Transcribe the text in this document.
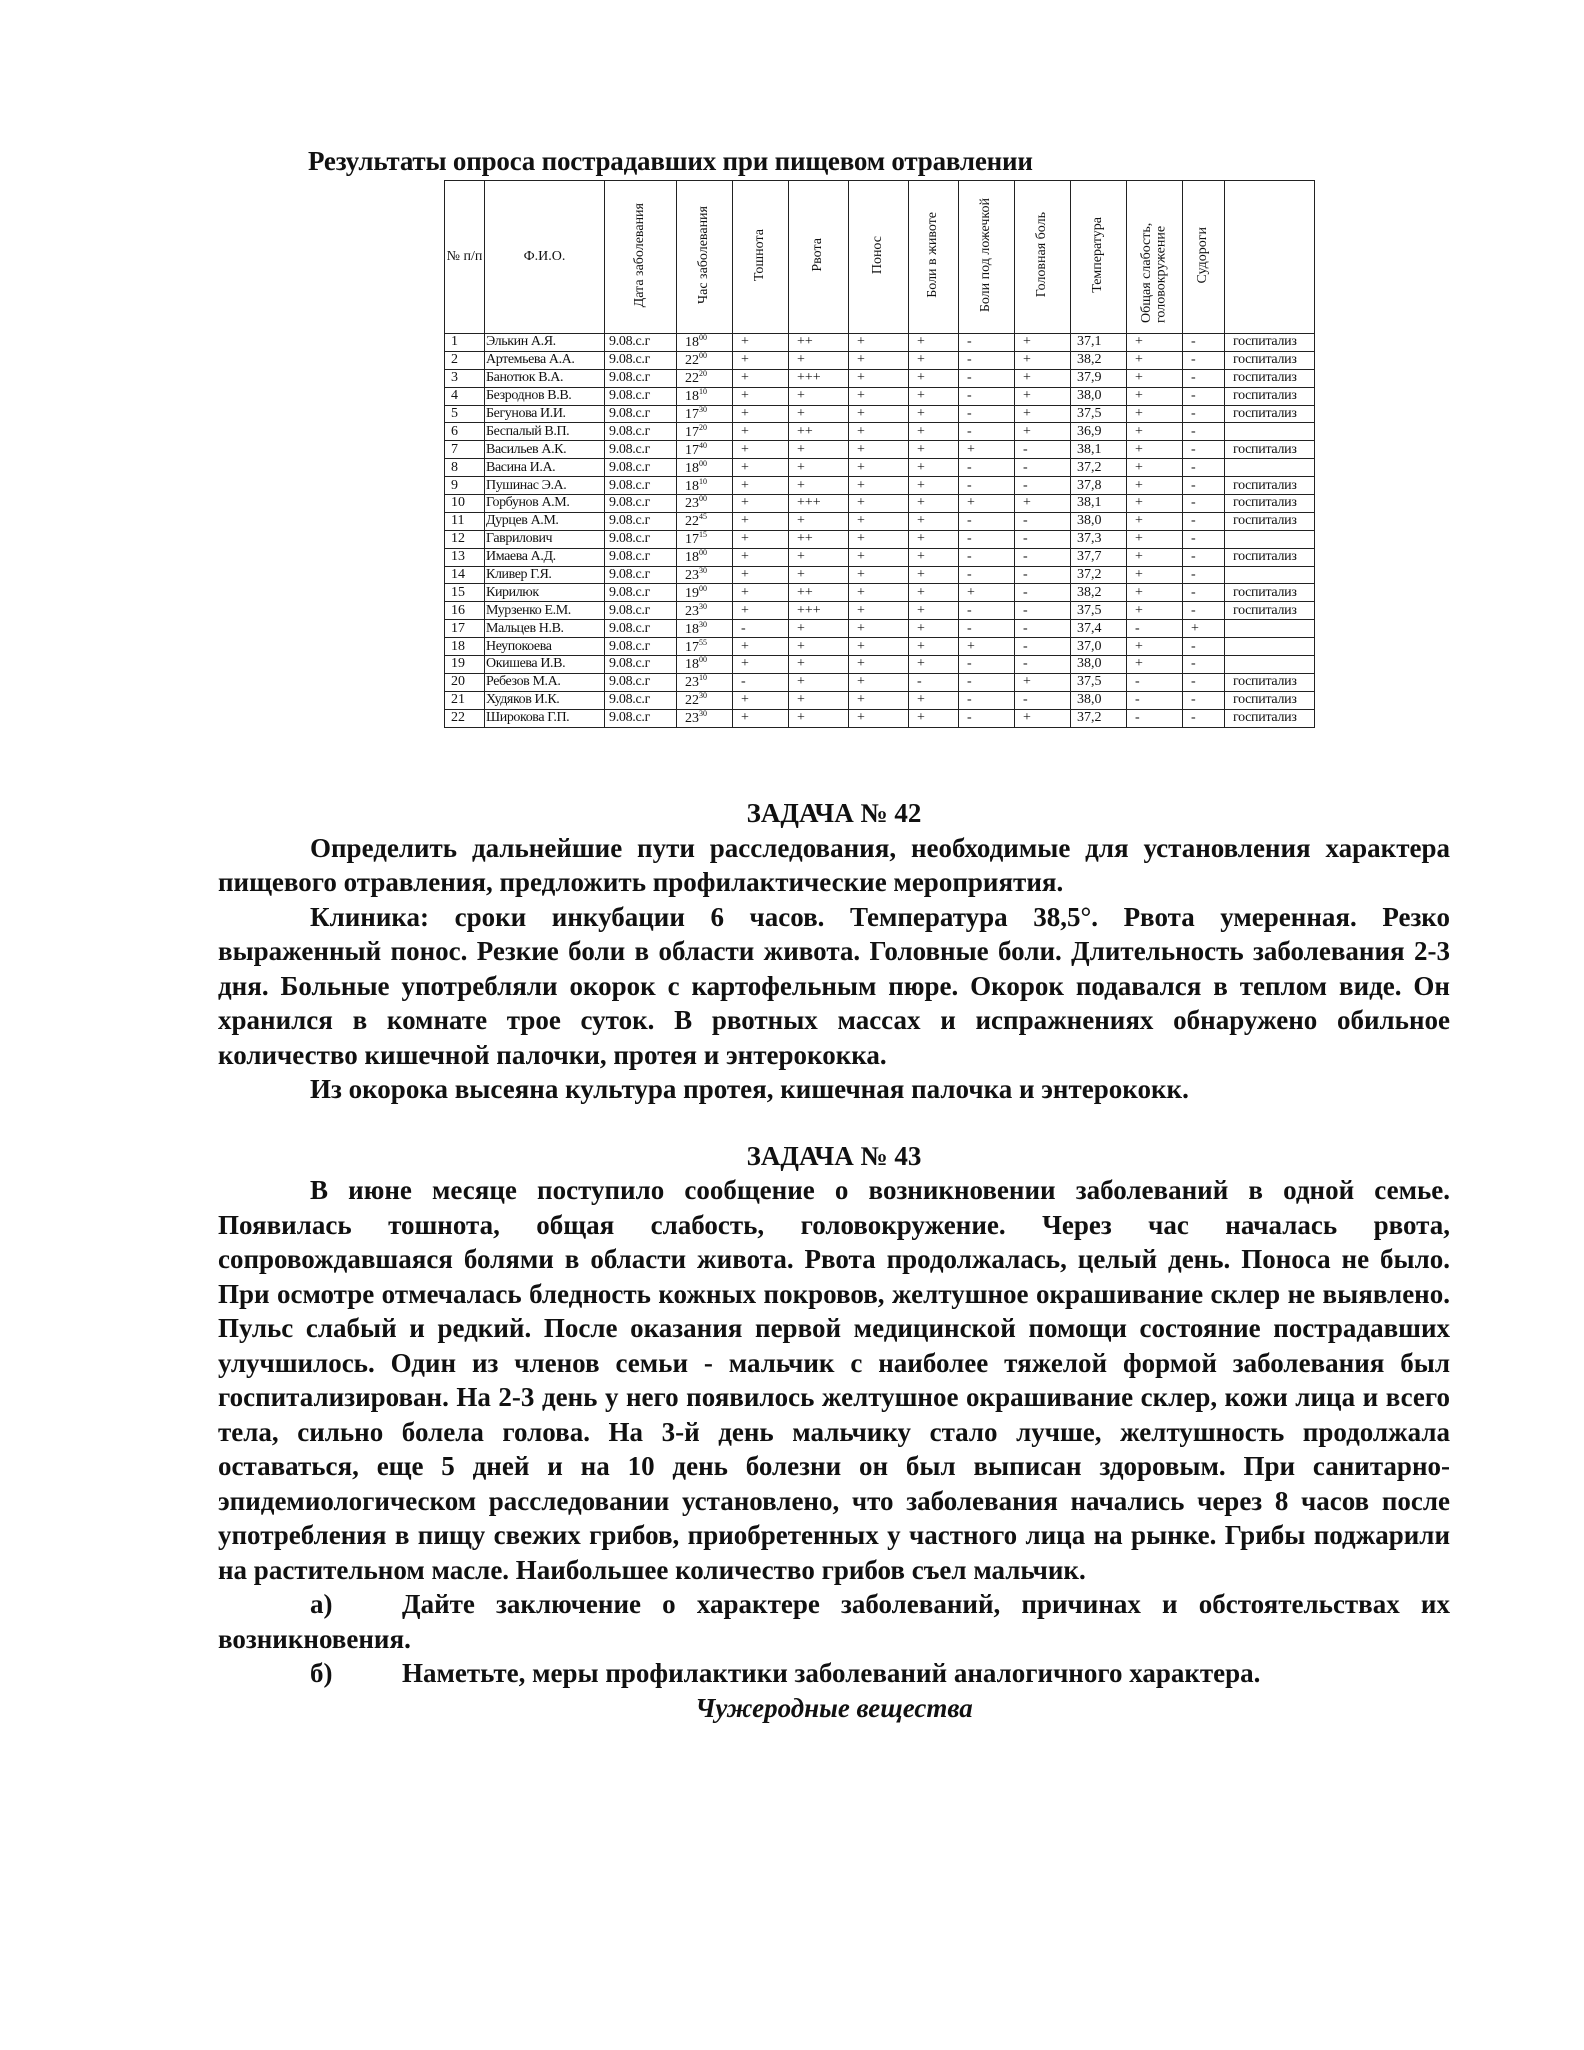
Результаты опроса пострадавших при пищевом отравлении
№ п/п	Ф.И.О.	Дата заболевания	Час заболевания	Тошнота	Рвота	Понос	Боли в животе	Боли под ложечкой	Головная боль	Температура	Общая слабость, головокружение	Судороги	
1	Элькин А.Я.	9.08.с.г	$18^{00}$	+	++	+	+	-	+	37,1	+	-	госпитализ
2	Артемьева А.А.	9.08.с.г	$22^{00}$	+	+	+	+	-	+	38,2	+	-	госпитализ
3	Банотюк В.А.	9.08.с.г	$22^{20}$	+	+++	+	+	-	+	37,9	+	-	госпитализ
4	Безроднов В.В.	9.08.с.г	$18^{10}$	+	+	+	+	-	+	38,0	+	-	госпитализ
5	Бегунова И.И.	9.08.с.г	$17^{30}$	+	+	+	+	-	+	37,5	+	-	госпитализ
6	Беспалый В.П.	9.08.с.г	$17^{20}$	+	++	+	+	-	+	36,9	+	-	
7	Васильев А.К.	9.08.с.г	$17^{40}$	+	+	+	+	+	-	38,1	+	-	госпитализ
8	Васина И.А.	9.08.с.г	$18^{00}$	+	+	+	+	-	-	37,2	+	-	
9	Пушинас Э.А.	9.08.с.г	$18^{10}$	+	+	+	+	-	-	37,8	+	-	госпитализ
10	Горбунов А.М.	9.08.с.г	$23^{00}$	+	+++	+	+	+	+	38,1	+	-	госпитализ
11	Дурцев А.М.	9.08.с.г	$22^{45}$	+	+	+	+	-	-	38,0	+	-	госпитализ
12	Гаврилович	9.08.с.г	$17^{15}$	+	++	+	+	-	-	37,3	+	-	
13	Имаева А.Д.	9.08.с.г	$18^{00}$	+	+	+	+	-	-	37,7	+	-	госпитализ
14	Кливер Г.Я.	9.08.с.г	$23^{30}$	+	+	+	+	-	-	37,2	+	-	
15	Кирилюк	9.08.с.г	$19^{00}$	+	++	+	+	+	-	38,2	+	-	госпитализ
16	Мурзенко Е.М.	9.08.с.г	$23^{30}$	+	+++	+	+	-	-	37,5	+	-	госпитализ
17	Мальцев Н.В.	9.08.с.г	$18^{30}$	-	+	+	+	-	-	37,4	-	+	
18	Неупокоева	9.08.с.г	$17^{55}$	+	+	+	+	+	-	37,0	+	-	
19	Окишева И.В.	9.08.с.г	$18^{00}$	+	+	+	+	-	-	38,0	+	-	
20	Ребезов М.А.	9.08.с.г	$23^{10}$	-	+	+	-	-	+	37,5	-	-	госпитализ
21	Худяков И.К.	9.08.с.г	$22^{30}$	+	+	+	+	-	-	38,0	-	-	госпитализ
22	Широкова Г.П.	9.08.с.г	$23^{30}$	+	+	+	+	-	+	37,2	-	-	госпитализ

ЗАДАЧА № 42

Определить дальнейшие пути расследования, необходимые для установления характера пищевого отравления, предложить профилактические мероприятия.

Клиника: сроки инкубации 6 часов. Температура 38,5°. Рвота умеренная. Резко выраженный понос. Резкие боли в области живота. Головные боли. Длительность заболевания 2-3 дня. Больные употребляли окорок с картофельным пюре. Окорок подавался в теплом виде. Он хранился в комнате трое суток. В рвотных массах и испражнениях обнаружено обильное количество кишечной палочки, протея и энтерококка.

Из окорока высеяна культура протея, кишечная палочка и энтерококк.

ЗАДАЧА № 43

В июне месяце поступило сообщение о возникновении заболеваний в одной семье. Появилась тошнота, общая слабость, головокружение. Через час началась рвота, сопровождавшаяся болями в области живота. Рвота продолжалась, целый день. Поноса не было. При осмотре отмечалась бледность кожных покровов, желтушное окрашивание склер не выявлено. Пульс слабый и редкий. После оказания первой медицинской помощи состояние пострадавших улучшилось. Один из членов семьи - мальчик с наиболее тяжелой формой заболевания был госпитализирован. На 2-3 день у него появилось желтушное окрашивание склер, кожи лица и всего тела, сильно болела голова. На 3-й день мальчику стало лучше, желтушность продолжала оставаться, еще 5 дней и на 10 день болезни он был выписан здоровым. При санитарно-эпидемиологическом расследовании установлено, что заболевания начались через 8 часов после употребления в пищу свежих грибов, приобретенных у частного лица на рынке. Грибы поджарили на растительном масле. Наибольшее количество грибов съел мальчик.

а)	Дайте заключение о характере заболеваний, причинах и обстоятельствах их возникновения.

б)	Наметьте, меры профилактики заболеваний аналогичного характера.

Чужеродные вещества
